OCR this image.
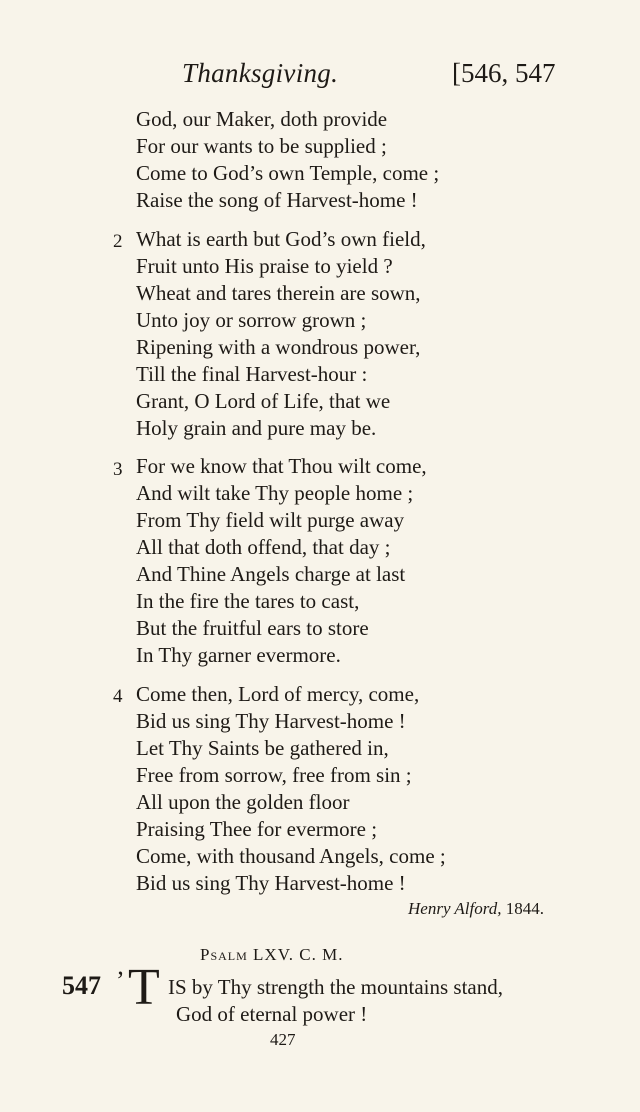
Thanksgiving.	[546, 547
God, our Maker, doth provide
For our wants to be supplied ;
Come to God’s own Temple, come ;
Raise the song of Harvest-home !
2 What is earth but God’s own field,
Fruit unto His praise to yield ?
Wheat and tares therein are sown,
Unto joy or sorrow grown ;
Ripening with a wondrous power,
Till the final Harvest-hour :
Grant, O Lord of Life, that we
Holy grain and pure may be.
3 For we know that Thou wilt come,
And wilt take Thy people home ;
From Thy field wilt purge away
All that doth offend, that day ;
And Thine Angels charge at last
In the fire the tares to cast,
But the fruitful ears to store
In Thy garner evermore.
4 Come then, Lord of mercy, come,
Bid us sing Thy Harvest-home !
Let Thy Saints be gathered in,
Free from sorrow, free from sin ;
All upon the golden floor
Praising Thee for evermore ;
Come, with thousand Angels, come ;
Bid us sing Thy Harvest-home !
Henry Alford, 1844.
Psalm LXV. C. M.
547 ’ T IS by Thy strength the mountains stand,
God of eternal power !
427
